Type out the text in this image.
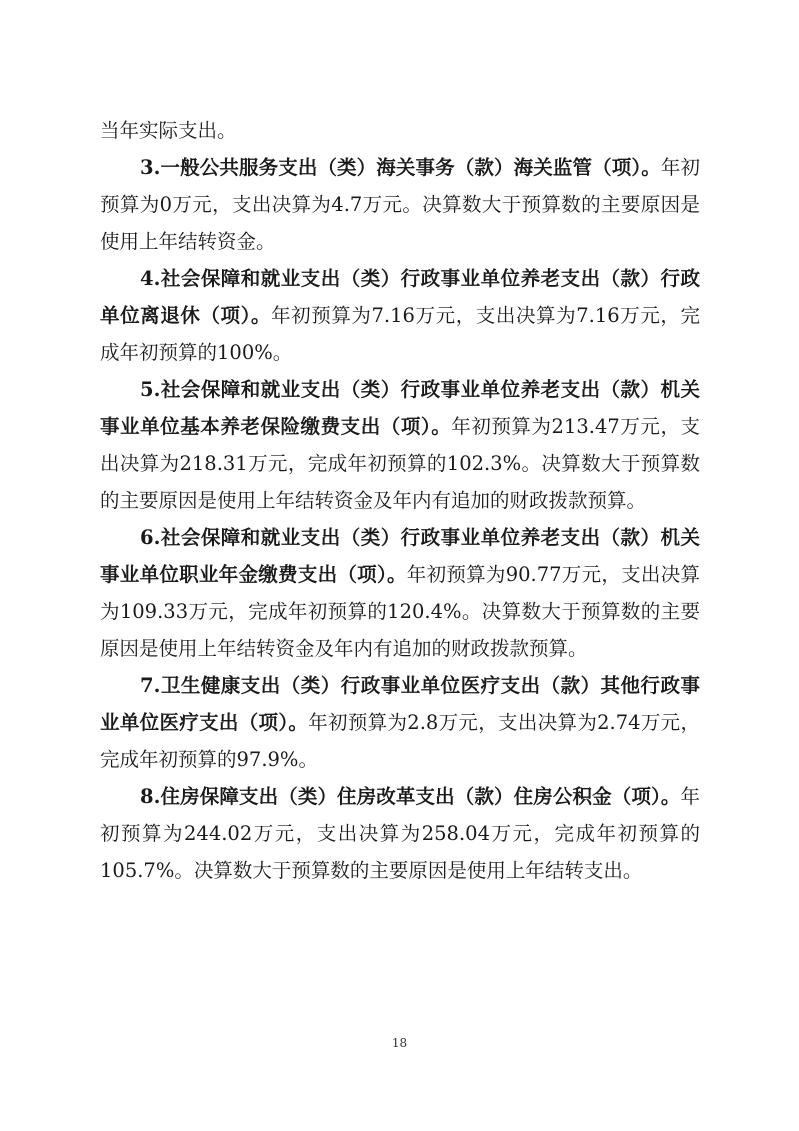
当年实际支出。

3.一般公共服务支出（类）海关事务（款）海关监管（项）。年初预算为0万元，支出决算为4.7万元。决算数大于预算数的主要原因是使用上年结转资金。

4.社会保障和就业支出（类）行政事业单位养老支出（款）行政单位离退休（项）。年初预算为7.16万元，支出决算为7.16万元，完成年初预算的100%。

5.社会保障和就业支出（类）行政事业单位养老支出（款）机关事业单位基本养老保险缴费支出（项）。年初预算为213.47万元，支出决算为218.31万元，完成年初预算的102.3%。决算数大于预算数的主要原因是使用上年结转资金及年内有追加的财政拨款预算。

6.社会保障和就业支出（类）行政事业单位养老支出（款）机关事业单位职业年金缴费支出（项）。年初预算为90.77万元，支出决算为109.33万元，完成年初预算的120.4%。决算数大于预算数的主要原因是使用上年结转资金及年内有追加的财政拨款预算。

7.卫生健康支出（类）行政事业单位医疗支出（款）其他行政事业单位医疗支出（项）。年初预算为2.8万元，支出决算为2.74万元，完成年初预算的97.9%。

8.住房保障支出（类）住房改革支出（款）住房公积金（项）。年初预算为244.02万元，支出决算为258.04万元，完成年初预算的105.7%。决算数大于预算数的主要原因是使用上年结转支出。

18
